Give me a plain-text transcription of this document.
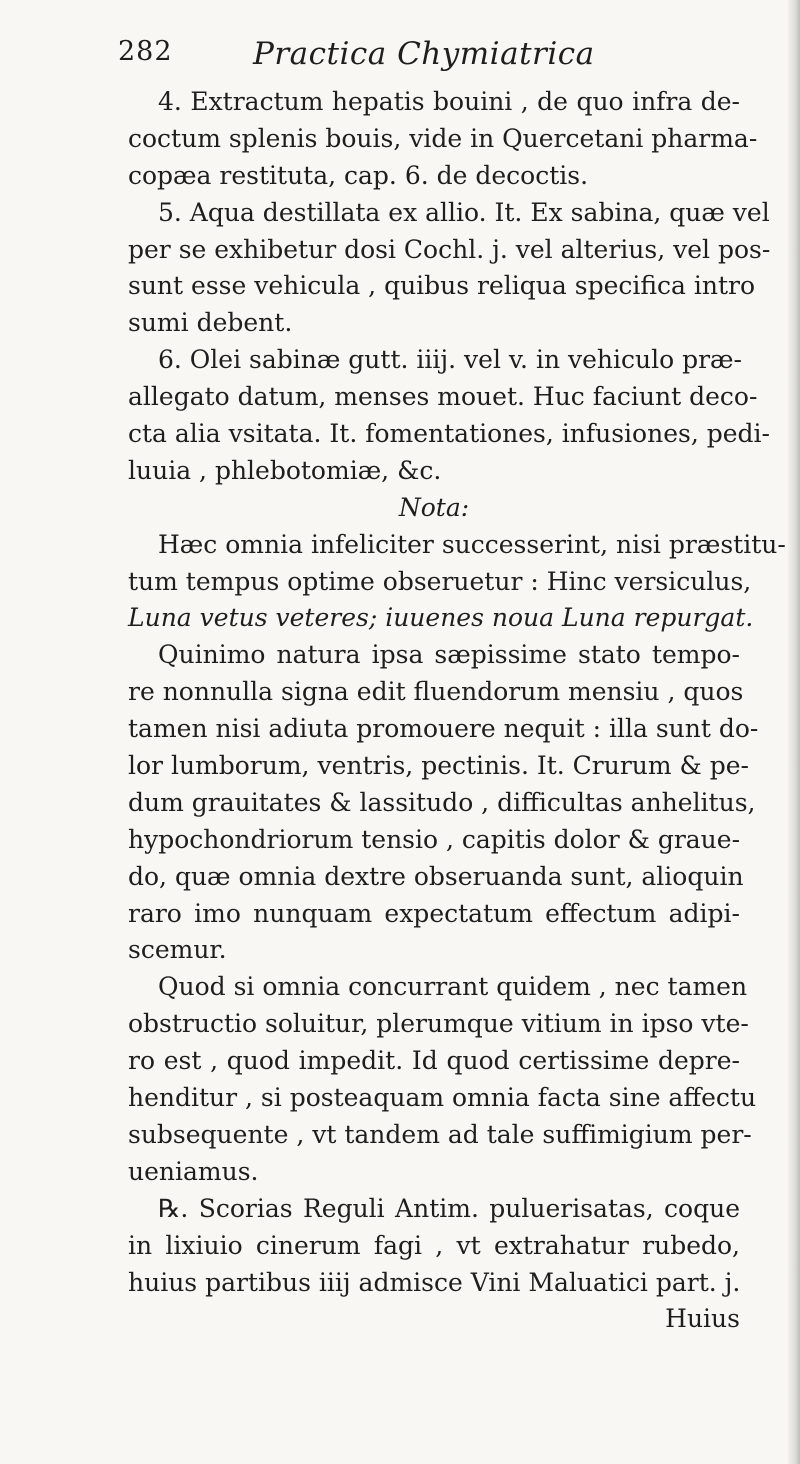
282	Practica Chymiatrica
4. Extractum hepatis bouini , de quo infra de-
coctum splenis bouis, vide in Quercetani pharma-
copæa restituta, cap. 6. de decoctis.
5. Aqua destillata ex allio. It. Ex sabina, quæ vel
per se exhibetur dosi Cochl. j. vel alterius, vel pos-
sunt esse vehicula , quibus reliqua specifica intro
sumi debent.
6. Olei sabinæ gutt. iiij. vel v. in vehiculo præ-
allegato datum, menses mouet. Huc faciunt deco-
cta alia vsitata. It. fomentationes, infusiones, pedi-
luuia , phlebotomiæ, &c.
Nota:
Hæc omnia infeliciter successerint, nisi præstitu-
tum tempus optime obseruetur : Hinc versiculus,
Luna vetus veteres; iuuenes noua Luna repurgat.
Quinimo natura ipsa sæpissime stato tempo-
re nonnulla signa edit fluendorum mensiu , quos
tamen nisi adiuta promouere nequit : illa sunt do-
lor lumborum, ventris, pectinis. It. Crurum & pe-
dum grauitates & lassitudo , difficultas anhelitus,
hypochondriorum tensio , capitis dolor & graue-
do, quæ omnia dextre obseruanda sunt, alioquin
raro imo nunquam expectatum effectum adipi-
scemur.
Quod si omnia concurrant quidem , nec tamen
obstructio soluitur, plerumque vitium in ipso vte-
ro est , quod impedit. Id quod certissime depre-
henditur , si posteaquam omnia facta sine affectu
subsequente , vt tandem ad tale suffimigium per-
ueniamus.
℞. Scorias Reguli Antim. puluerisatas, coque
in lixiuio cinerum fagi , vt extrahatur rubedo,
huius partibus iiij admisce Vini Maluatici part. j.
Huius
